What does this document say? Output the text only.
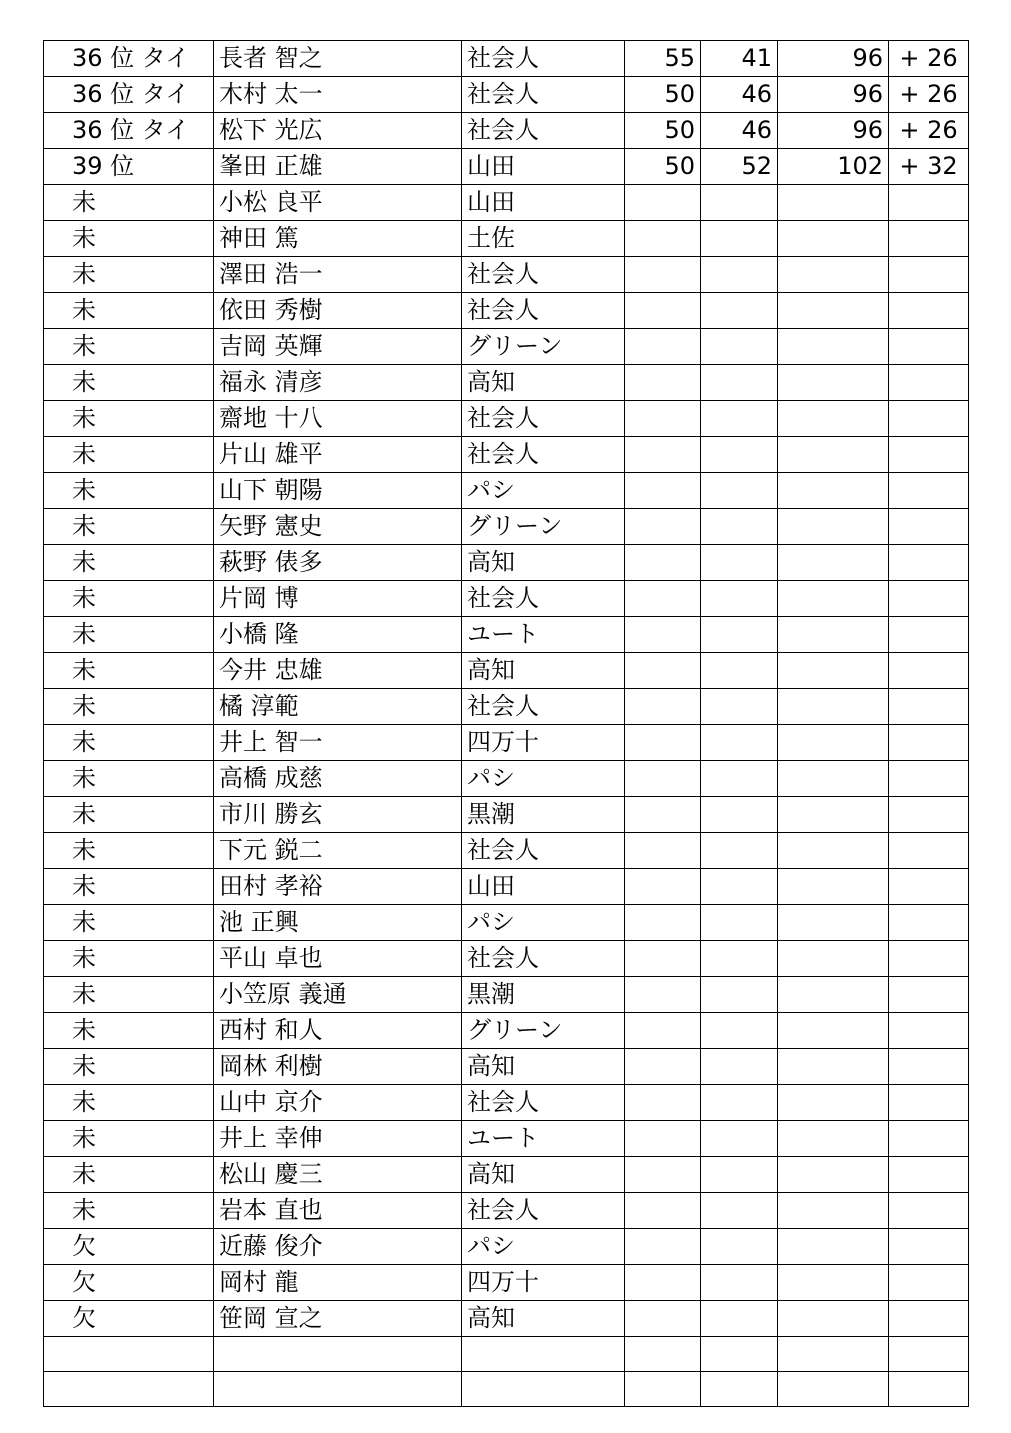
36 位 タイ	長者 智之	社会人	55	41	96	+ 26
36 位 タイ	木村 太一	社会人	50	46	96	+ 26
36 位 タイ	松下 光広	社会人	50	46	96	+ 26
39 位	峯田 正雄	山田	50	52	102	+ 32
未	小松 良平	山田				
未	神田 篤	土佐				
未	澤田 浩一	社会人				
未	依田 秀樹	社会人				
未	吉岡 英輝	グリーン				
未	福永 清彦	高知				
未	齋地 十八	社会人				
未	片山 雄平	社会人				
未	山下 朝陽	パシ				
未	矢野 憲史	グリーン				
未	萩野 俵多	高知				
未	片岡 博	社会人				
未	小橋 隆	ユート				
未	今井 忠雄	高知				
未	橘 淳範	社会人				
未	井上 智一	四万十				
未	高橋 成慈	パシ				
未	市川 勝玄	黒潮				
未	下元 鋭二	社会人				
未	田村 孝裕	山田				
未	池 正興	パシ				
未	平山 卓也	社会人				
未	小笠原 義通	黒潮				
未	西村 和人	グリーン				
未	岡林 利樹	高知				
未	山中 京介	社会人				
未	井上 幸伸	ユート				
未	松山 慶三	高知				
未	岩本 直也	社会人				
欠	近藤 俊介	パシ				
欠	岡村 龍	四万十				
欠	笹岡 宣之	高知				
